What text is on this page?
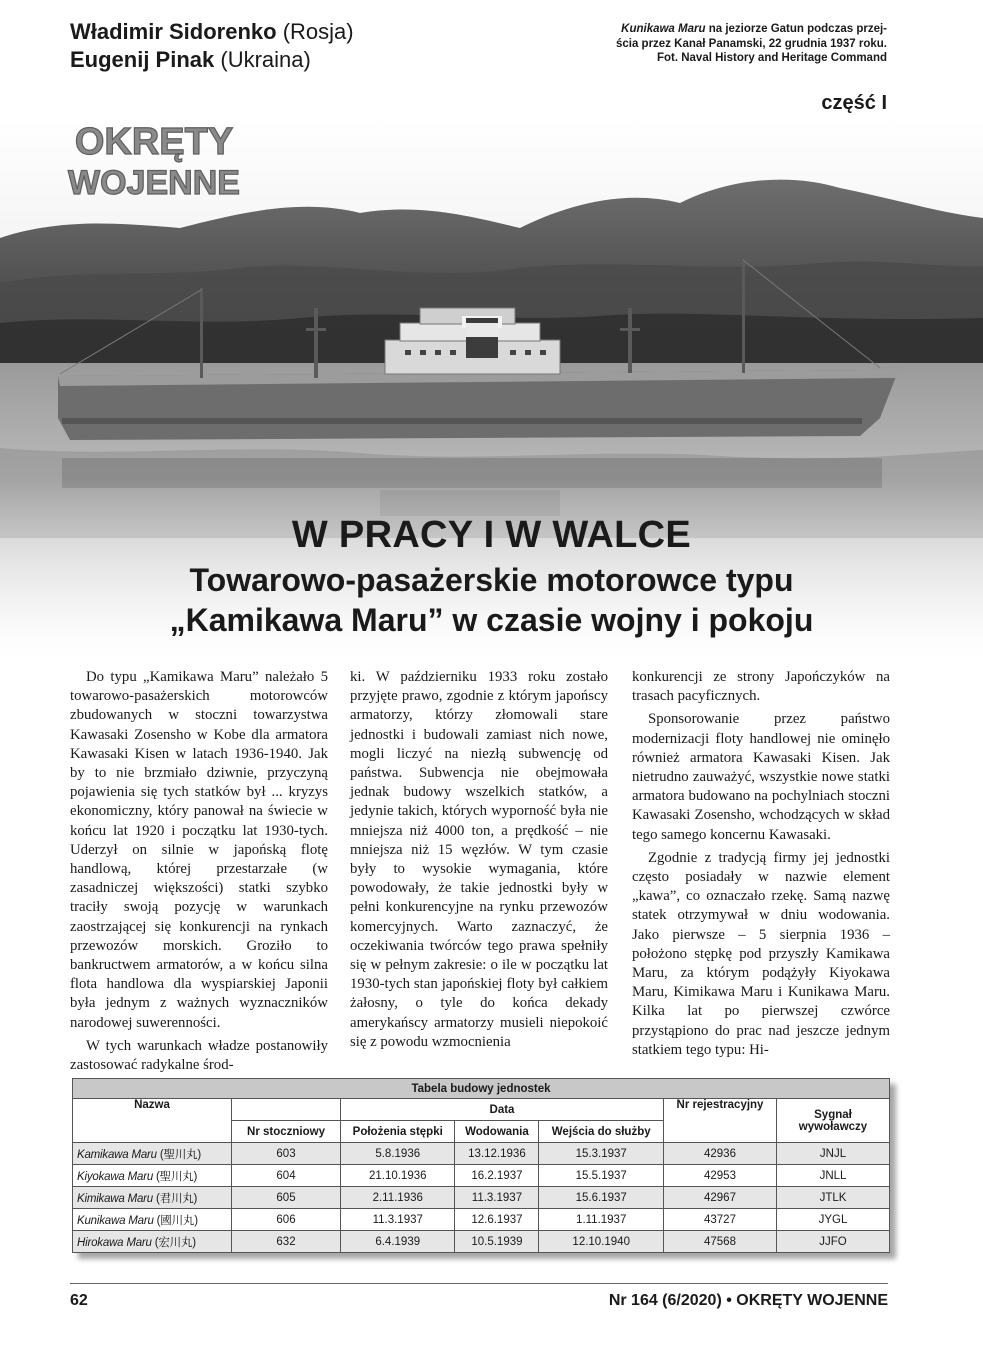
Władimir Sidorenko (Rosja)
Eugenij Pinak (Ukraina)
Kunikawa Maru na jeziorze Gatun podczas przej-
ścia przez Kanał Panamski, 22 grudnia 1937 roku.
Fot. Naval History and Heritage Command
część I
OKRĘTY
WOJENNE
W PRACY I W WALCE
Towarowo-pasażerskie motorowce typu
„Kamikawa Maru” w czasie wojny i pokoju

Do typu „Kamikawa Maru” należało 5 towarowo-pasażerskich motorowców zbudowanych w stoczni towarzystwa Kawasaki Zosensho w Kobe dla armatora Kawasaki Kisen w latach 1936-1940. Jak by to nie brzmiało dziwnie, przyczyną pojawienia się tych statków był ... kryzys ekonomiczny, który panował na świecie w końcu lat 1920 i początku lat 1930-tych. Uderzył on silnie w japońską flotę handlową, której przestarzałe (w zasadniczej większości) statki szybko traciły swoją pozycję w warunkach zaostrzającej się konkurencji na rynkach przewozów morskich. Groziło to bankructwem armatorów, a w końcu silna flota handlowa dla wyspiarskiej Japonii była jednym z ważnych wyznaczników narodowej suwerenności.

W tych warunkach władze postanowiły zastosować radykalne środ-

ki. W październiku 1933 roku zostało przyjęte prawo, zgodnie z którym japońscy armatorzy, którzy złomowali stare jednostki i budowali zamiast nich nowe, mogli liczyć na niezłą subwencję od państwa. Subwencja nie obejmowała jednak budowy wszelkich statków, a jedynie takich, których wyporność była nie mniejsza niż 4000 ton, a prędkość – nie mniejsza niż 15 węzłów. W tym czasie były to wysokie wymagania, które powodowały, że takie jednostki były w pełni konkurencyjne na rynku przewozów komercyjnych. Warto zaznaczyć, że oczekiwania twórców tego prawa spełniły się w pełnym zakresie: o ile w początku lat 1930-tych stan japońskiej floty był całkiem żałosny, o tyle do końca dekady amerykańscy armatorzy musieli niepokoić się z powodu wzmocnienia

konkurencji ze strony Japończyków na trasach pacyficznych.

Sponsorowanie przez państwo modernizacji floty handlowej nie ominęło również armatora Kawasaki Kisen. Jak nietrudno zauważyć, wszystkie nowe statki armatora budowano na pochylniach stoczni Kawasaki Zosensho, wchodzących w skład tego samego koncernu Kawasaki.

Zgodnie z tradycją firmy jej jednostki często posiadały w nazwie element „kawa”, co oznaczało rzekę. Samą nazwę statek otrzymywał w dniu wodowania. Jako pierwsze – 5 sierpnia 1936 – położono stępkę pod przyszły Kamikawa Maru, za którym podążyły Kiyokawa Maru, Kimikawa Maru i Kunikawa Maru. Kilka lat po pierwszej czwórce przystąpiono do prac nad jeszcze jednym statkiem tego typu: Hi-

Tabela budowy jednostek						
Nazwa		Data			Nr rejestracyjny	Sygnał wywoławczy
	Nr stoczniowy	Położenia stępki	Wodowania	Wejścia do służby		
Kamikawa Maru (聖川丸)	603	5.8.1936	13.12.1936	15.3.1937	42936	JNJL
Kiyokawa Maru (聖川丸)	604	21.10.1936	16.2.1937	15.5.1937	42953	JNLL
Kimikawa Maru (君川丸)	605	2.11.1936	11.3.1937	15.6.1937	42967	JTLK
Kunikawa Maru (國川丸)	606	11.3.1937	12.6.1937	1.11.1937	43727	JYGL
Hirokawa Maru (宏川丸)	632	6.4.1939	10.5.1939	12.10.1940	47568	JJFO
62	Nr 164 (6/2020) • OKRĘTY WOJENNE
